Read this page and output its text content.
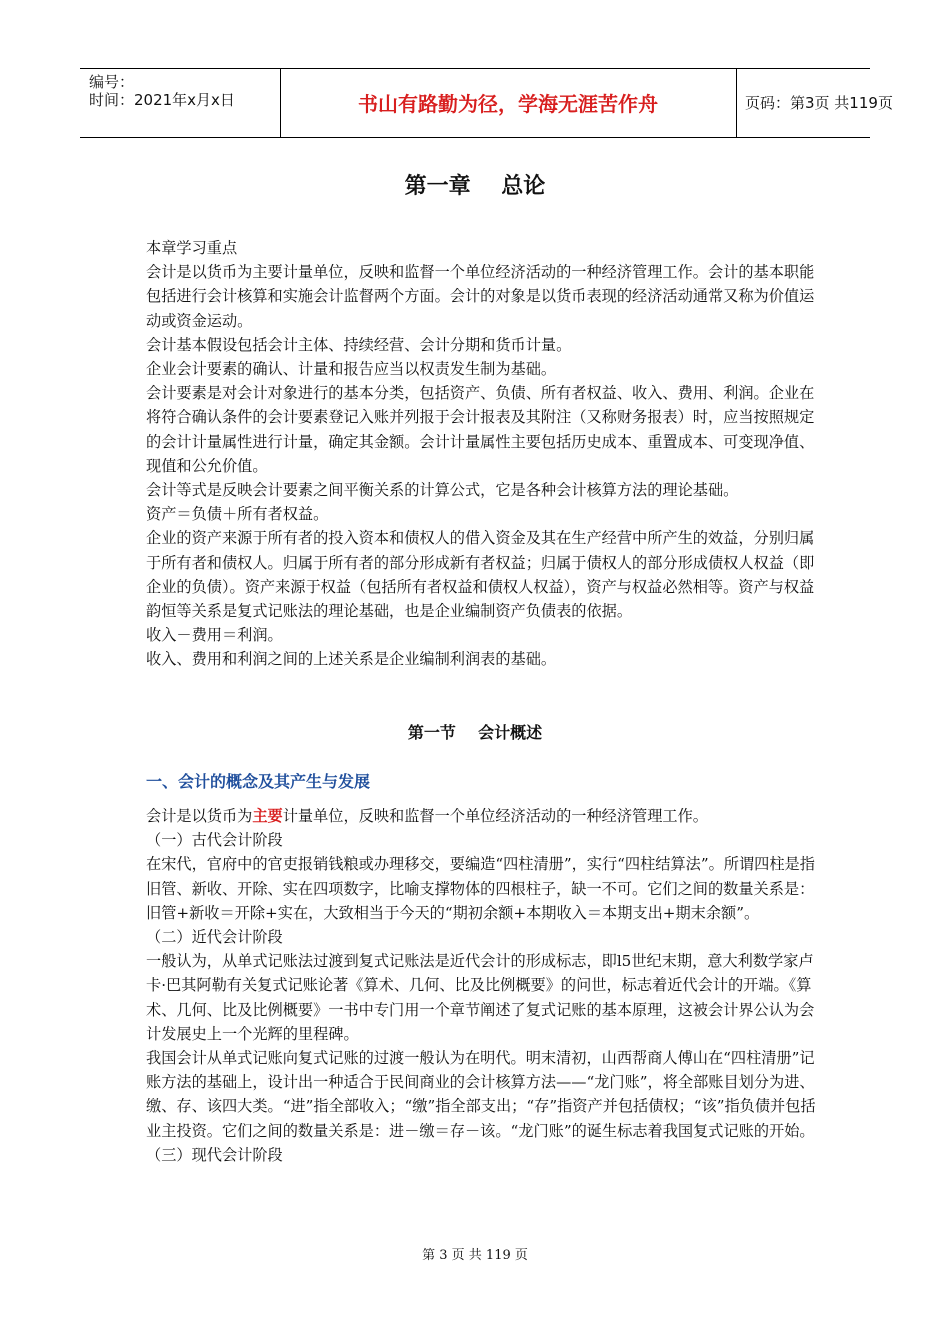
编号：
时间：2021年x月x日	书山有路勤为径，学海无涯苦作舟	页码：第3页 共119页
第一章    总论

本章学习重点

会计是以货币为主要计量单位，反映和监督一个单位经济活动的一种经济管理工作。会计的基本职能包括进行会计核算和实施会计监督两个方面。会计的对象是以货币表现的经济活动通常又称为价值运动或资金运动。

会计基本假设包括会计主体、持续经营、会计分期和货币计量。

企业会计要素的确认、计量和报告应当以权责发生制为基础。

会计要素是对会计对象进行的基本分类，包括资产、负债、所有者权益、收入、费用、利润。企业在将符合确认条件的会计要素登记入账并列报于会计报表及其附注（又称财务报表）时，应当按照规定的会计计量属性进行计量，确定其金额。会计计量属性主要包括历史成本、重置成本、可变现净值、现值和公允价值。

会计等式是反映会计要素之间平衡关系的计算公式，它是各种会计核算方法的理论基础。

资产＝负债＋所有者权益。

企业的资产来源于所有者的投入资本和债权人的借入资金及其在生产经营中所产生的效益，分别归属于所有者和债权人。归属于所有者的部分形成新有者权益；归属于债权人的部分形成债权人权益（即企业的负债）。资产来源于权益（包括所有者权益和债权人权益），资产与权益必然相等。资产与权益韵恒等关系是复式记账法的理论基础，也是企业编制资产负债表的依据。

收入－费用＝利润。

收入、费用和利润之间的上述关系是企业编制利润表的基础。

第一节    会计概述
一、会计的概念及其产生与发展

会计是以货币为主要计量单位，反映和监督一个单位经济活动的一种经济管理工作。

（一）古代会计阶段

在宋代，官府中的官吏报销钱粮或办理移交，要编造“四柱清册”，实行“四柱结算法”。所谓四柱是指旧管、新收、开除、实在四项数字，比喻支撑物体的四根柱子，缺一不可。它们之间的数量关系是：旧管+新收＝开除+实在，大致相当于今天的“期初余额+本期收入＝本期支出+期末余额”。

（二）近代会计阶段

一般认为，从单式记账法过渡到复式记账法是近代会计的形成标志，即l5世纪末期，意大利数学家卢卡·巴其阿勒有关复式记账论著《算术、几何、比及比例概要》的问世，标志着近代会计的开端。《算术、几何、比及比例概要》一书中专门用一个章节阐述了复式记账的基本原理，这被会计界公认为会计发展史上一个光辉的里程碑。

我国会计从单式记账向复式记账的过渡一般认为在明代。明末清初，山西帮商人傅山在“四柱清册”记账方法的基础上，设计出一种适合于民间商业的会计核算方法——“龙门账”，将全部账目划分为进、缴、存、该四大类。“进”指全部收入；“缴”指全部支出；“存”指资产并包括债权；“该”指负债并包括业主投资。它们之间的数量关系是：进－缴＝存－该。“龙门账”的诞生标志着我国复式记账的开始。

（三）现代会计阶段

第 3 页 共 119 页
